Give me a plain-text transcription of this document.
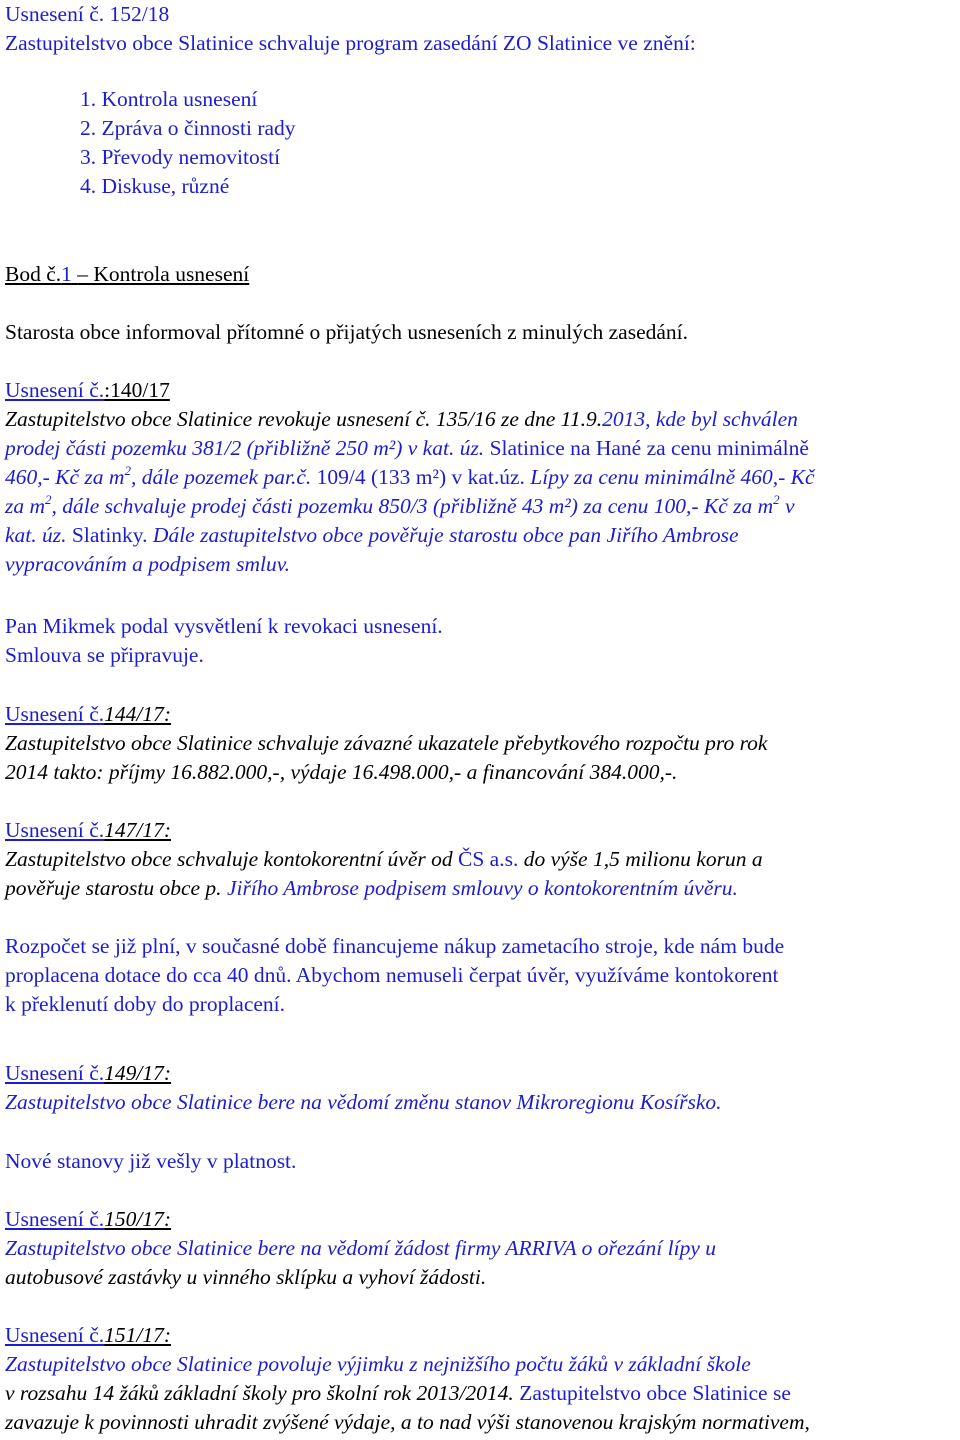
Usnesení č. 152/18
Zastupitelstvo obce Slatinice schvaluje program zasedání ZO Slatinice ve znění:
1. Kontrola usnesení
2. Zpráva o činnosti rady
3. Převody nemovitostí
4. Diskuse, různé
Bod č.1 – Kontrola usnesení
Starosta obce informoval přítomné o přijatých usneseních z minulých zasedání.
Usnesení č.:140/17
Zastupitelstvo obce Slatinice revokuje usnesení č. 135/16 ze dne 11.9.2013, kde byl schválen
prodej části pozemku 381/2 (přibližně 250 m²) v kat. úz. Slatinice na Hané za cenu minimálně
460,- Kč za $m^2$, dále pozemek par.č. 109/4 (133 m²) v kat.úz. Lípy za cenu minimálně 460,- Kč
za $m^2$, dále schvaluje prodej části pozemku 850/3 (přibližně 43 m²) za cenu 100,- Kč za $m^2$ v
kat. úz. Slatinky. Dále zastupitelstvo obce pověřuje starostu obce pan Jiřího Ambrose
vypracováním a podpisem smluv.
Pan Mikmek podal vysvětlení k revokaci usnesení.
Smlouva se připravuje.
Usnesení č.144/17:
Zastupitelstvo obce Slatinice schvaluje závazné ukazatele přebytkového rozpočtu pro rok
2014 takto: příjmy 16.882.000,-, výdaje 16.498.000,- a financování 384.000,-.
Usnesení č.147/17:
Zastupitelstvo obce schvaluje kontokorentní úvěr od ČS a.s. do výše 1,5 milionu korun a
pověřuje starostu obce p. Jiřího Ambrose podpisem smlouvy o kontokorentním úvěru.
Rozpočet se již plní, v současné době financujeme nákup zametacího stroje, kde nám bude
proplacena dotace do cca 40 dnů. Abychom nemuseli čerpat úvěr, využíváme kontokorent
k překlenutí doby do proplacení.
Usnesení č.149/17:
Zastupitelstvo obce Slatinice bere na vědomí změnu stanov Mikroregionu Kosířsko.
Nové stanovy již vešly v platnost.
Usnesení č.150/17:
Zastupitelstvo obce Slatinice bere na vědomí žádost firmy ARRIVA o ořezání lípy u
autobusové zastávky u vinného sklípku a vyhoví žádosti.
Usnesení č.151/17:
Zastupitelstvo obce Slatinice povoluje výjimku z nejnižšího počtu žáků v základní škole
v rozsahu 14 žáků základní školy pro školní rok 2013/2014. Zastupitelstvo obce Slatinice se
zavazuje k povinnosti uhradit zvýšené výdaje, a to nad výši stanovenou krajským normativem,
